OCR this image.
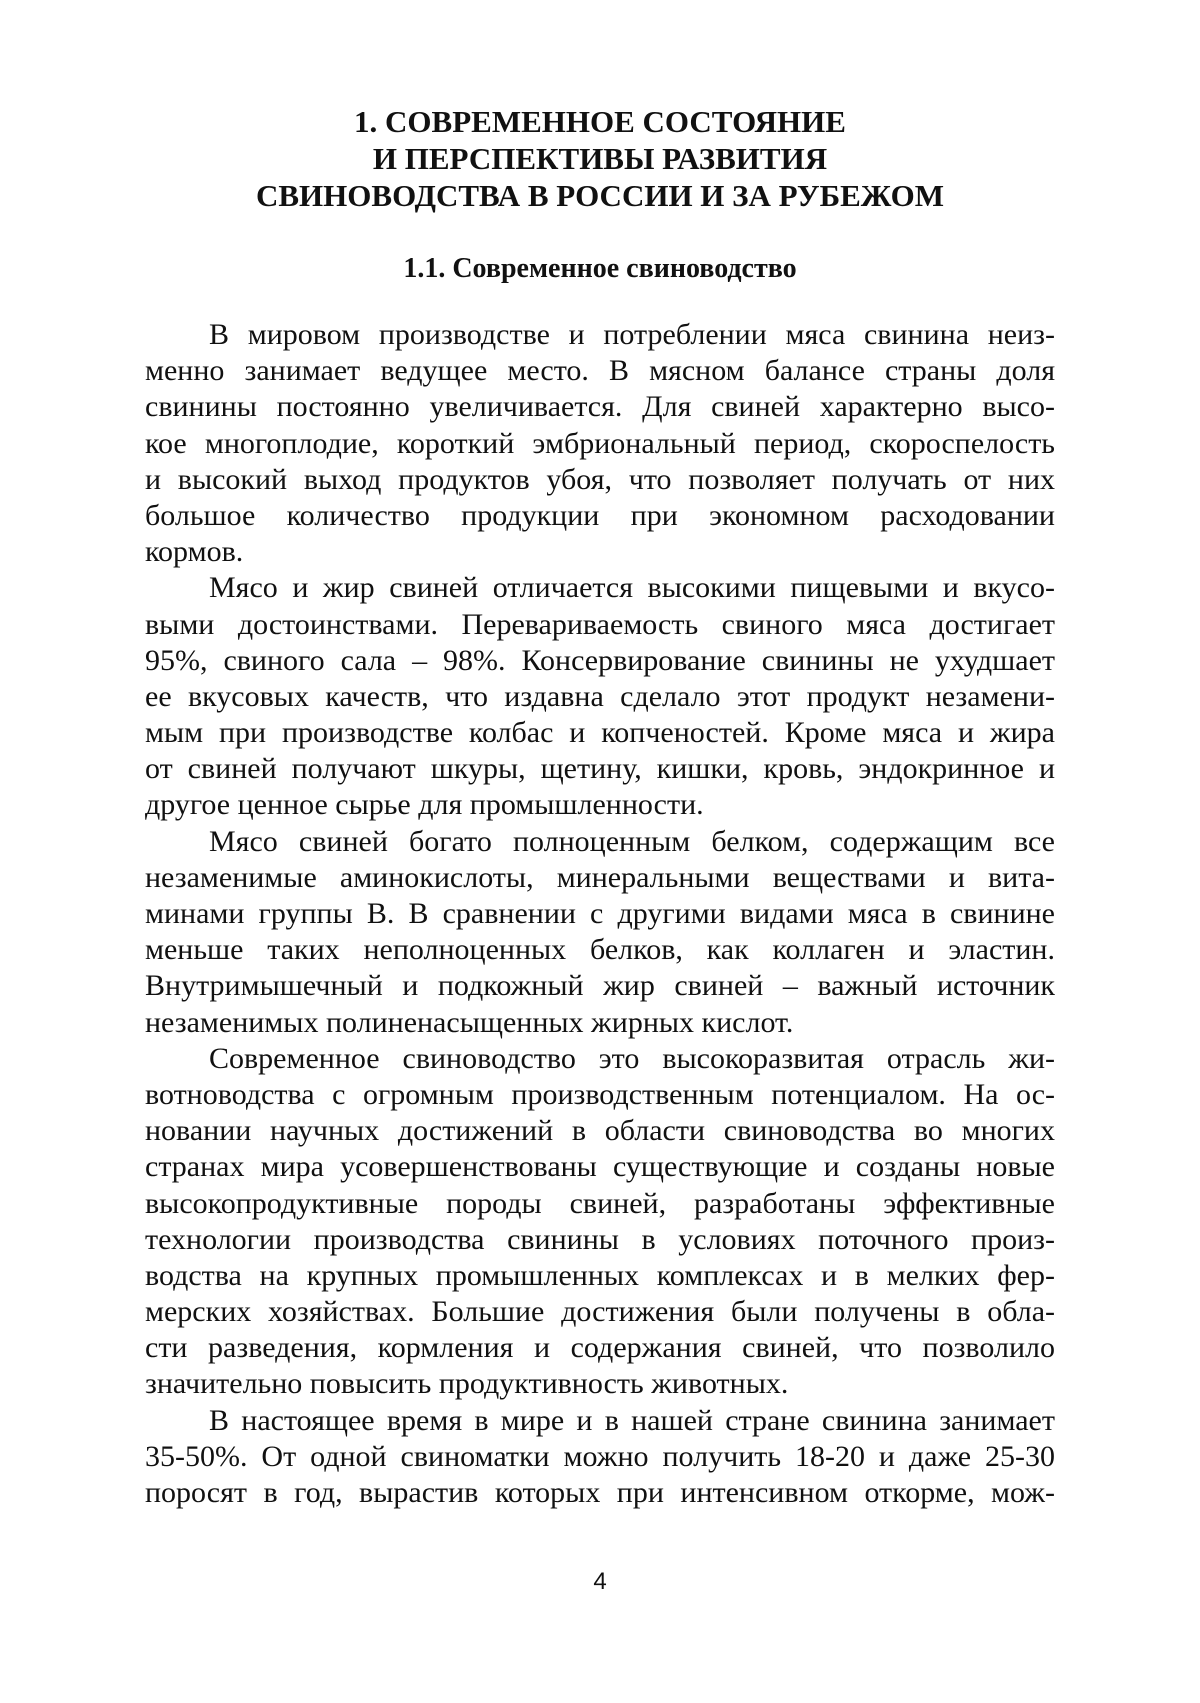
1. СОВРЕМЕННОЕ СОСТОЯНИЕ
И ПЕРСПЕКТИВЫ РАЗВИТИЯ
СВИНОВОДСТВА В РОССИИ И ЗА РУБЕЖОМ
1.1. Современное свиноводство
В мировом производстве и потреблении мяса свинина неиз-
менно занимает ведущее место. В мясном балансе страны доля
свинины постоянно увеличивается. Для свиней характерно высо-
кое многоплодие, короткий эмбриональный период, скороспелость
и высокий выход продуктов убоя, что позволяет получать от них
большое количество продукции при экономном расходовании
кормов.
Мясо и жир свиней отличается высокими пищевыми и вкусо-
выми достоинствами. Перевариваемость свиного мяса достигает
95%, свиного сала – 98%. Консервирование свинины не ухудшает
ее вкусовых качеств, что издавна сделало этот продукт незамени-
мым при производстве колбас и копченостей. Кроме мяса и жира
от свиней получают шкуры, щетину, кишки, кровь, эндокринное и
другое ценное сырье для промышленности.
Мясо свиней богато полноценным белком, содержащим все
незаменимые аминокислоты, минеральными веществами и вита-
минами группы В. В сравнении с другими видами мяса в свинине
меньше таких неполноценных белков, как коллаген и эластин.
Внутримышечный и подкожный жир свиней – важный источник
незаменимых полиненасыщенных жирных кислот.
Современное свиноводство это высокоразвитая отрасль жи-
вотноводства с огромным производственным потенциалом. На ос-
новании научных достижений в области свиноводства во многих
странах мира усовершенствованы существующие и созданы новые
высокопродуктивные породы свиней, разработаны эффективные
технологии производства свинины в условиях поточного произ-
водства на крупных промышленных комплексах и в мелких фер-
мерских хозяйствах. Большие достижения были получены в обла-
сти разведения, кормления и содержания свиней, что позволило
значительно повысить продуктивность животных.
В настоящее время в мире и в нашей стране свинина занимает
35-50%. От одной свиноматки можно получить 18-20 и даже 25-30
поросят в год, вырастив которых при интенсивном откорме, мож-
4
